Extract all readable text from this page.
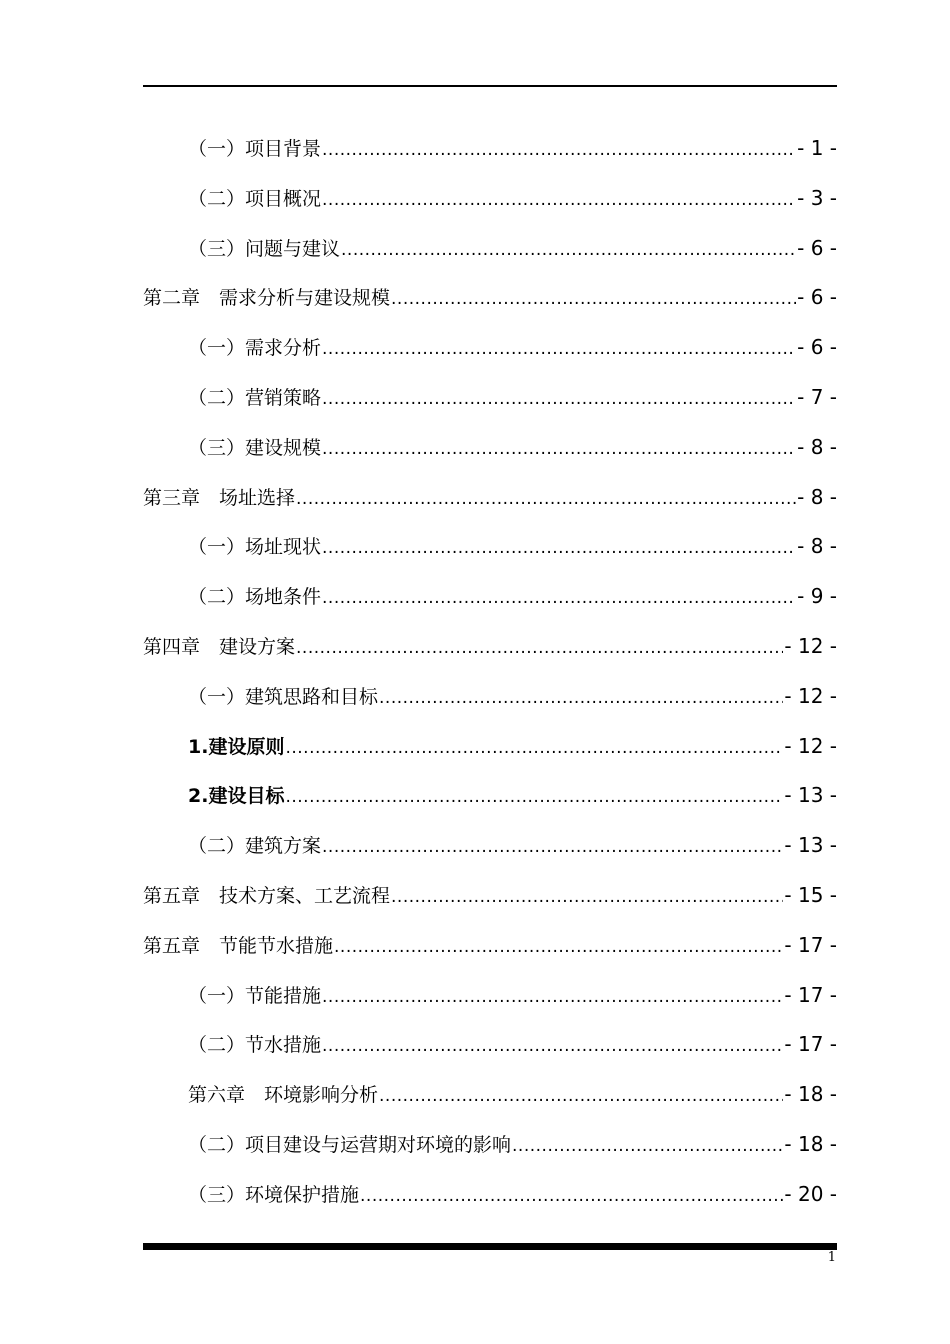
（一）项目背景 .....	- 1 -
（二）项目概况 .....	- 3 -
（三）问题与建议 .....	- 6 -
第二章　需求分析与建设规模 .....	- 6 -
（一）需求分析 .....	- 6 -
（二）营销策略 .....	- 7 -
（三）建设规模 .....	- 8 -
第三章　场址选择 .....	- 8 -
（一）场址现状 .....	- 8 -
（二）场地条件 .....	- 9 -
第四章　建设方案 .....	- 12 -
（一）建筑思路和目标 .....	- 12 -
1.建设原则 .....	- 12 -
2.建设目标 .....	- 13 -
（二）建筑方案 .....	- 13 -
第五章　技术方案、工艺流程 .....	- 15 -
第五章　节能节水措施 .....	- 17 -
（一）节能措施 .....	- 17 -
（二）节水措施 .....	- 17 -
第六章　环境影响分析 .....	- 18 -
（二）项目建设与运营期对环境的影响 .....	- 18 -
（三）环境保护措施 .....	- 20 -
1
